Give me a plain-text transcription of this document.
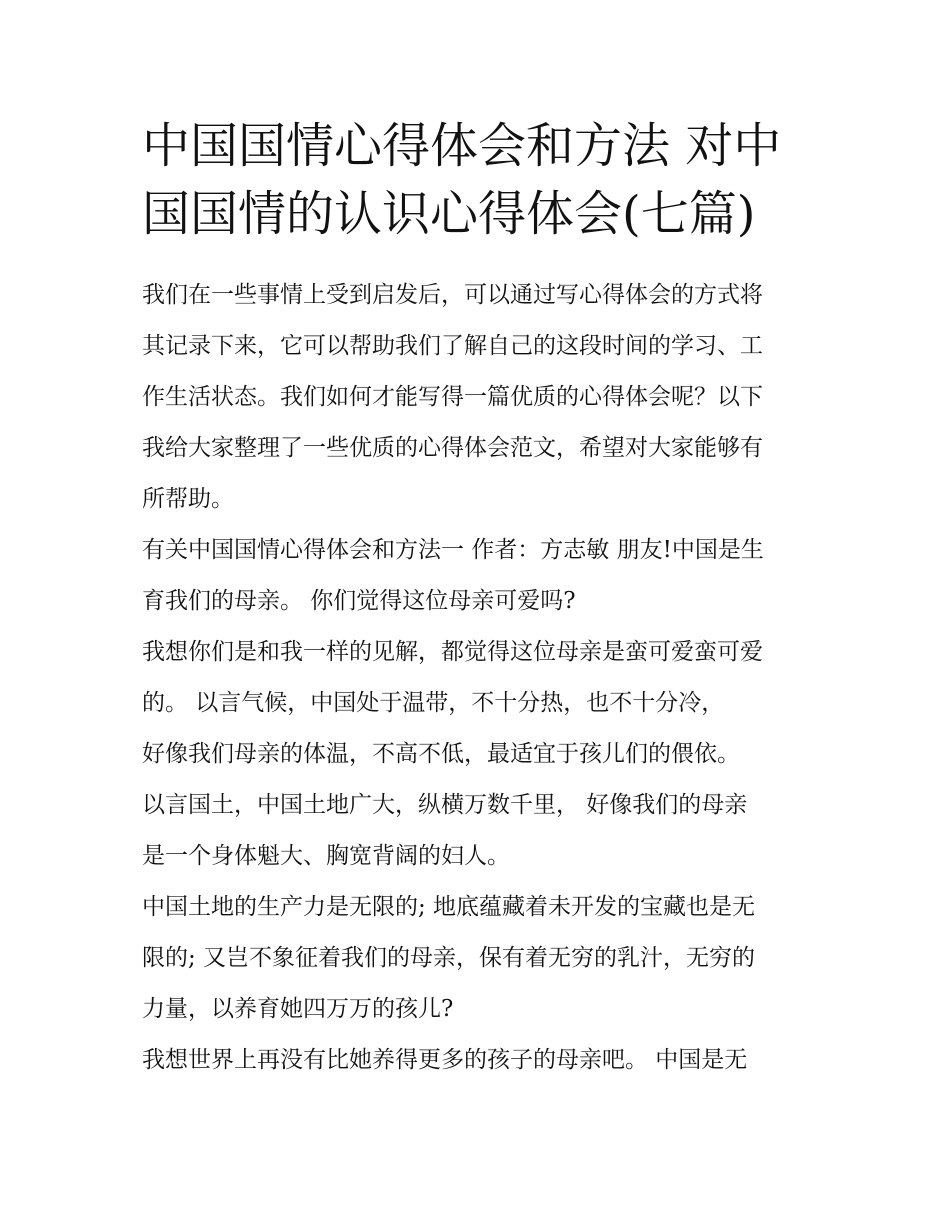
中国国情心得体会和方法 对中
国国情的认识心得体会(七篇)
我们在一些事情上受到启发后，可以通过写心得体会的方式将
其记录下来，它可以帮助我们了解自己的这段时间的学习、工
作生活状态。我们如何才能写得一篇优质的心得体会呢？以下
我给大家整理了一些优质的心得体会范文，希望对大家能够有
所帮助。
有关中国国情心得体会和方法一 作者：方志敏 朋友!中国是生
育我们的母亲。 你们觉得这位母亲可爱吗?
我想你们是和我一样的见解，都觉得这位母亲是蛮可爱蛮可爱
的。 以言气候，中国处于温带，不十分热，也不十分冷，
好像我们母亲的体温，不高不低，最适宜于孩儿们的偎依。
以言国土，中国土地广大，纵横万数千里， 好像我们的母亲
是一个身体魁大、胸宽背阔的妇人。
中国土地的生产力是无限的; 地底蕴藏着未开发的宝藏也是无
限的; 又岂不象征着我们的母亲，保有着无穷的乳汁，无穷的
力量，以养育她四万万的孩儿?
我想世界上再没有比她养得更多的孩子的母亲吧。 中国是无
